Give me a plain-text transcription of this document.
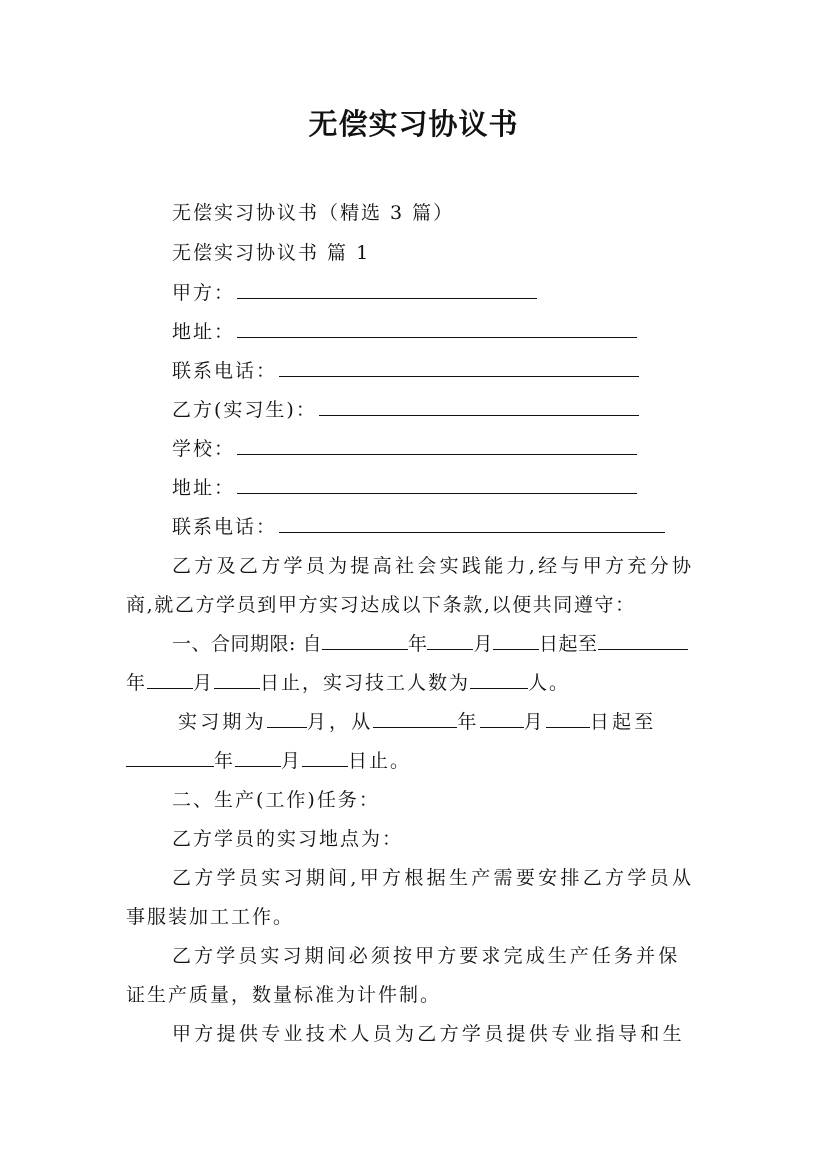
无偿实习协议书
无偿实习协议书（精选 3 篇）
无偿实习协议书 篇 1
甲方：
地址：
联系电话：
乙方(实习生)：
学校：
地址：
联系电话：
乙方及乙方学员为提高社会实践能力,经与甲方充分协
商,就乙方学员到甲方实习达成以下条款,以便共同遵守：
一、合同期限: 自	年 月 日起至
年 月 日止，实习技工人数为	人。
实习期为 月，从	年 月 日起至
年 月 日止。
二、生产(工作)任务：
乙方学员的实习地点为：
乙方学员实习期间,甲方根据生产需要安排乙方学员从
事服装加工工作。
乙方学员实习期间必须按甲方要求完成生产任务并保
证生产质量，数量标准为计件制。
甲方提供专业技术人员为乙方学员提供专业指导和生
